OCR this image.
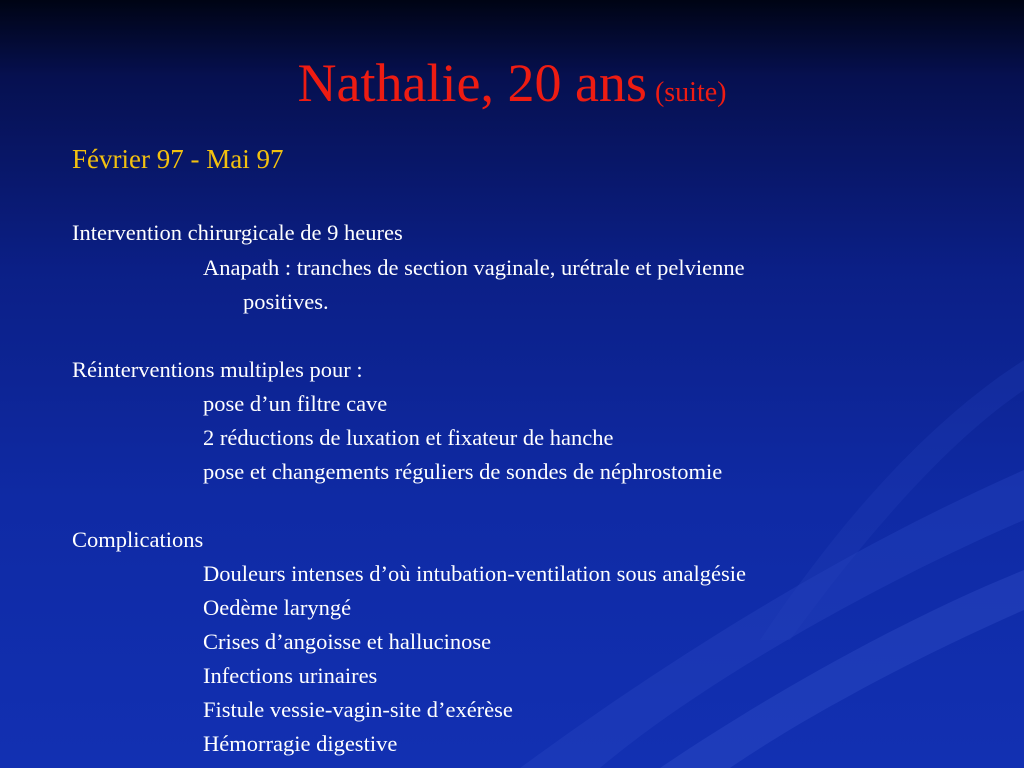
Nathalie, 20 ans (suite)
Février 97 - Mai 97
Intervention chirurgicale de 9 heures
Anapath : tranches de section vaginale, urétrale et pelvienne
positives.
Réinterventions multiples pour :
pose d’un filtre cave
2 réductions de luxation et fixateur de hanche
pose et changements réguliers de sondes de néphrostomie
Complications
Douleurs intenses d’où intubation-ventilation sous analgésie
Oedème laryngé
Crises d’angoisse et hallucinose
Infections urinaires
Fistule vessie-vagin-site d’exérèse
Hémorragie digestive
